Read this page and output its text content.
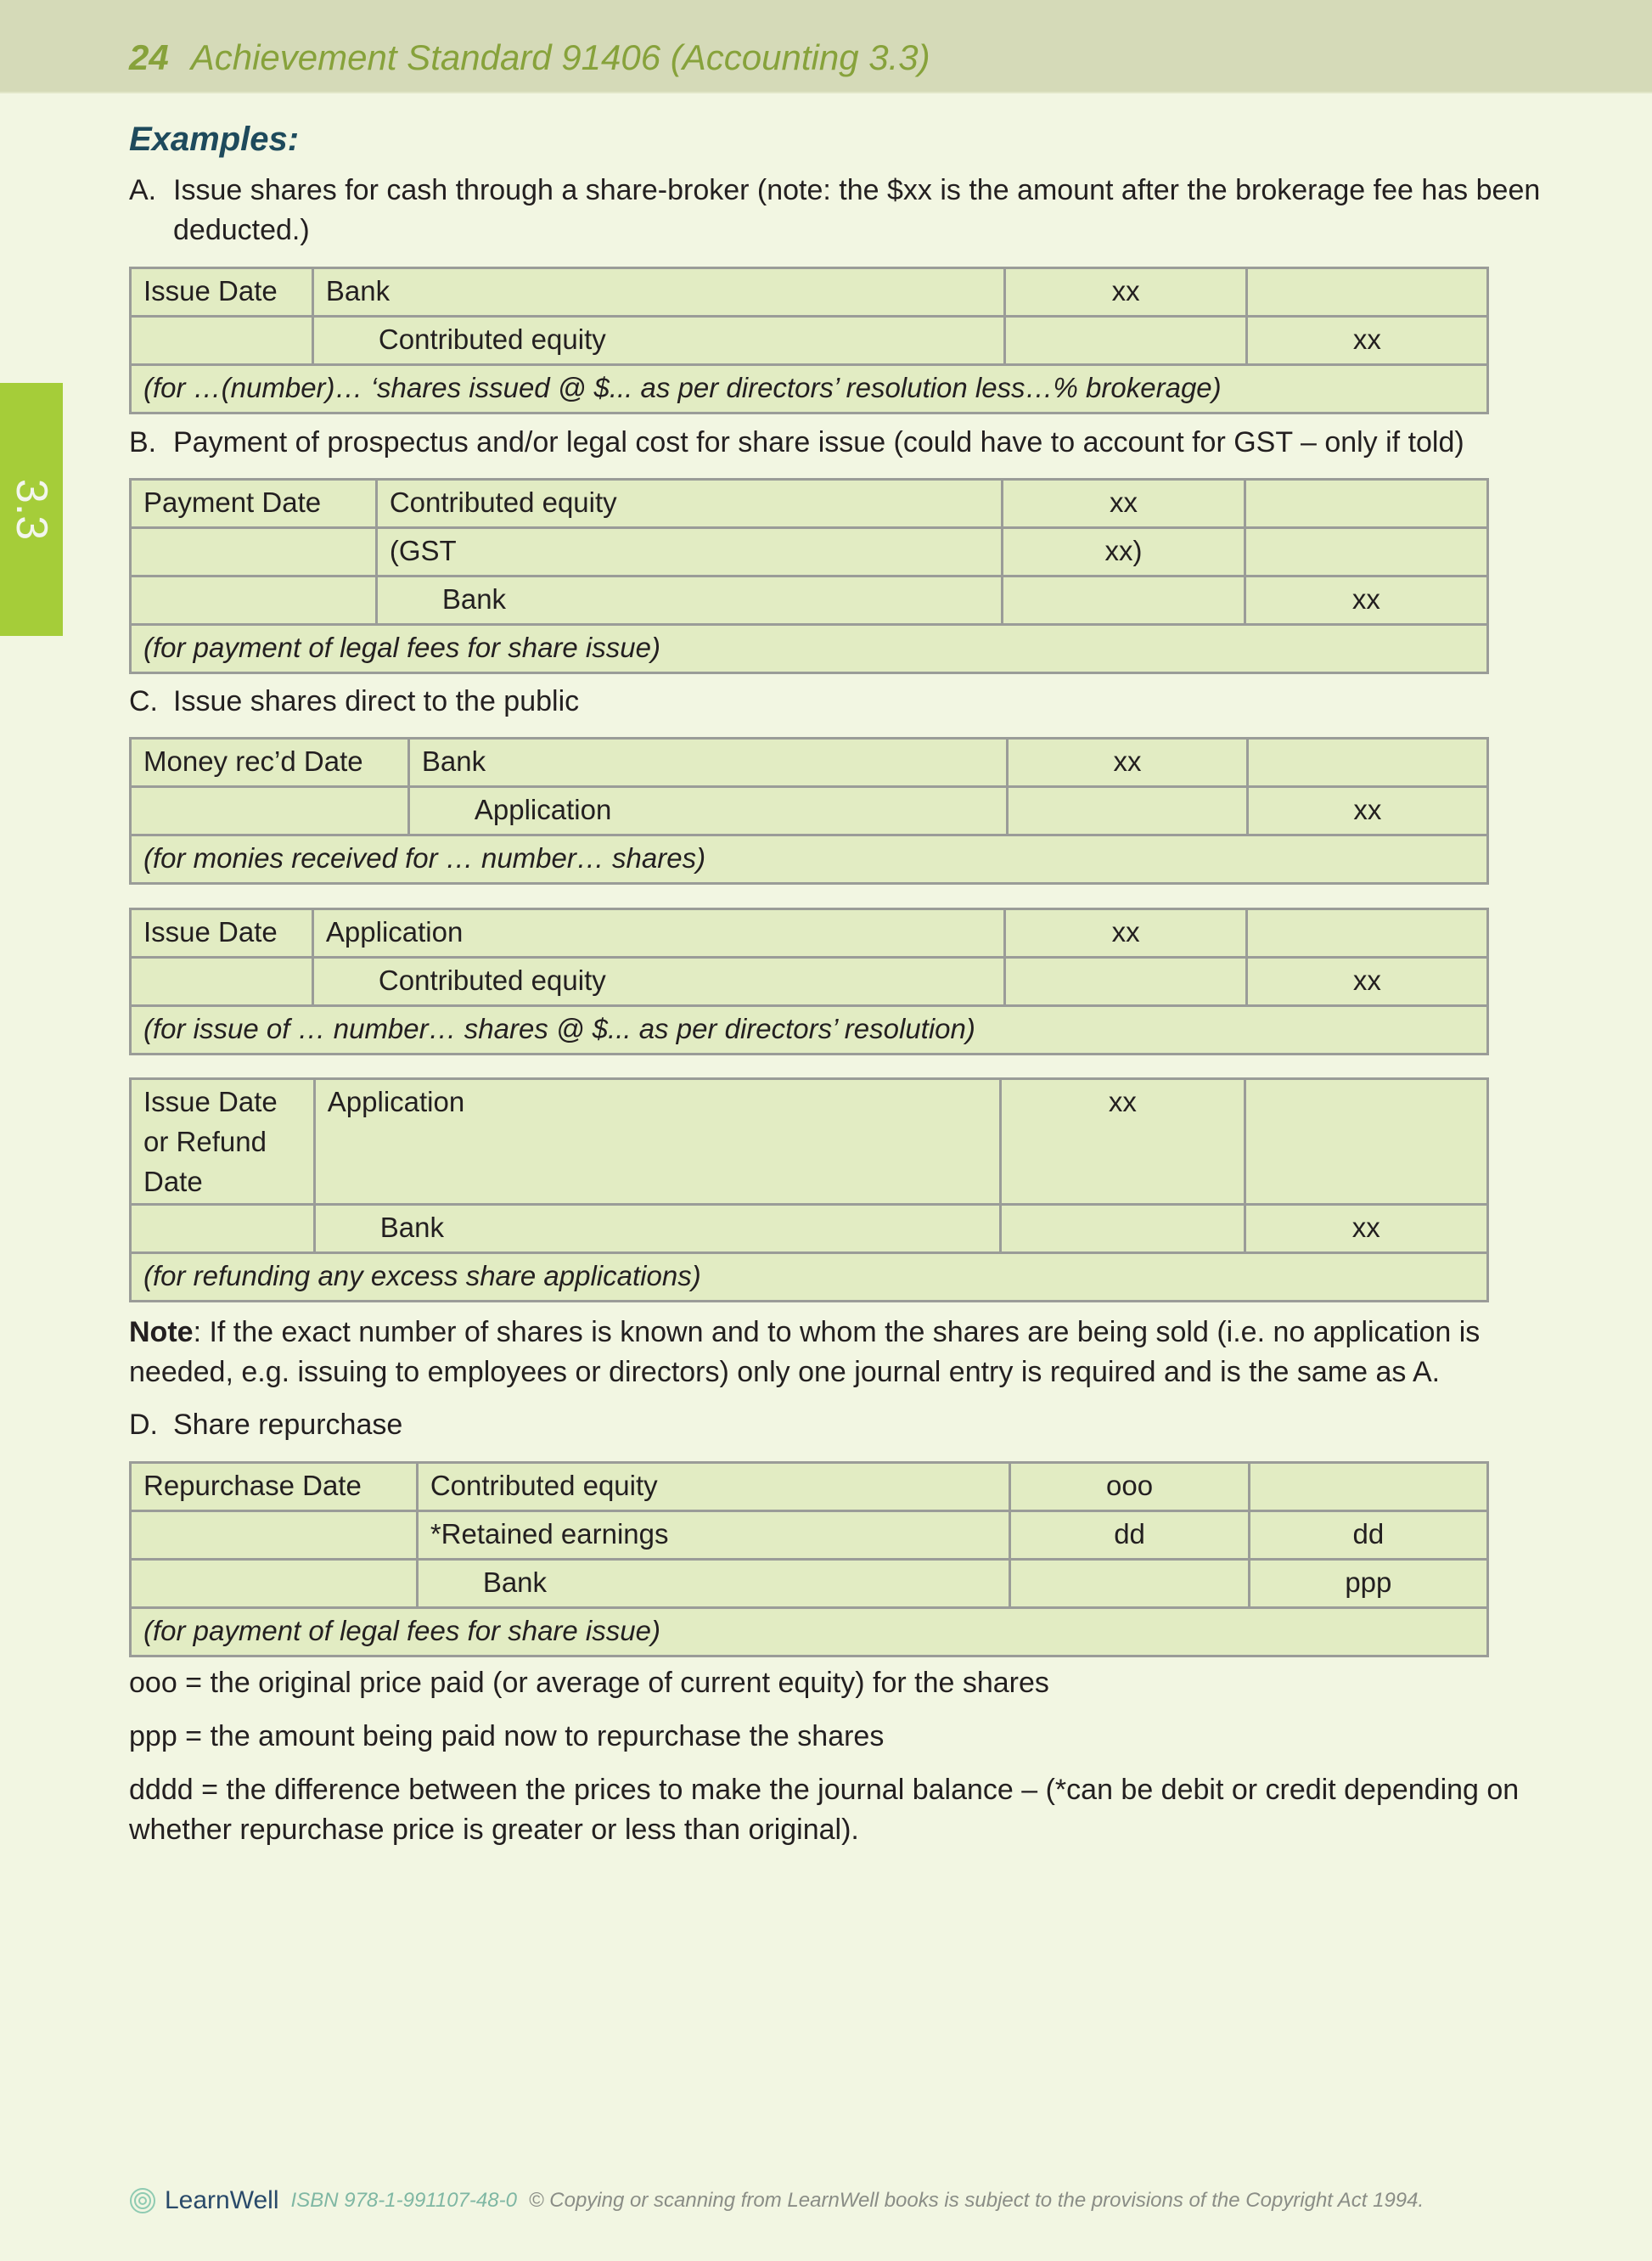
24 Achievement Standard 91406 (Accounting 3.3)
3.3
Examples:
A. Issue shares for cash through a share-broker (note: the $xx is the amount after the brokerage fee has been deducted.)
Issue Date	Bank	xx	
	Contributed equity		xx
(for …(number)… ‘shares issued @ $... as per directors’ resolution less…% brokerage)			
B. Payment of prospectus and/or legal cost for share issue (could have to account for GST – only if told)
Payment Date	Contributed equity	xx	
	(GST	xx)	
	Bank		xx
(for payment of legal fees for share issue)			
C. Issue shares direct to the public
Money rec’d Date	Bank	xx	
	Application		xx
(for monies received for … number… shares)			
Issue Date	Application	xx	
	Contributed equity		xx
(for issue of … number… shares @ $... as per directors’ resolution)			
Issue Date
or Refund
Date	Application	xx	
	Bank		xx
(for refunding any excess share applications)			
Note: If the exact number of shares is known and to whom the shares are being sold (i.e. no application is needed, e.g. issuing to employees or directors) only one journal entry is required and is the same as A.
D. Share repurchase
Repurchase Date	Contributed equity	ooo	
	*Retained earnings	dd	dd
	Bank		ppp
(for payment of legal fees for share issue)			
ooo = the original price paid (or average of current equity) for the shares
ppp = the amount being paid now to repurchase the shares
dddd = the difference between the prices to make the journal balance – (*can be debit or credit depending on whether repurchase price is greater or less than original).
LearnWell ISBN 978-1-991107-48-0 © Copying or scanning from LearnWell books is subject to the provisions of the Copyright Act 1994.
